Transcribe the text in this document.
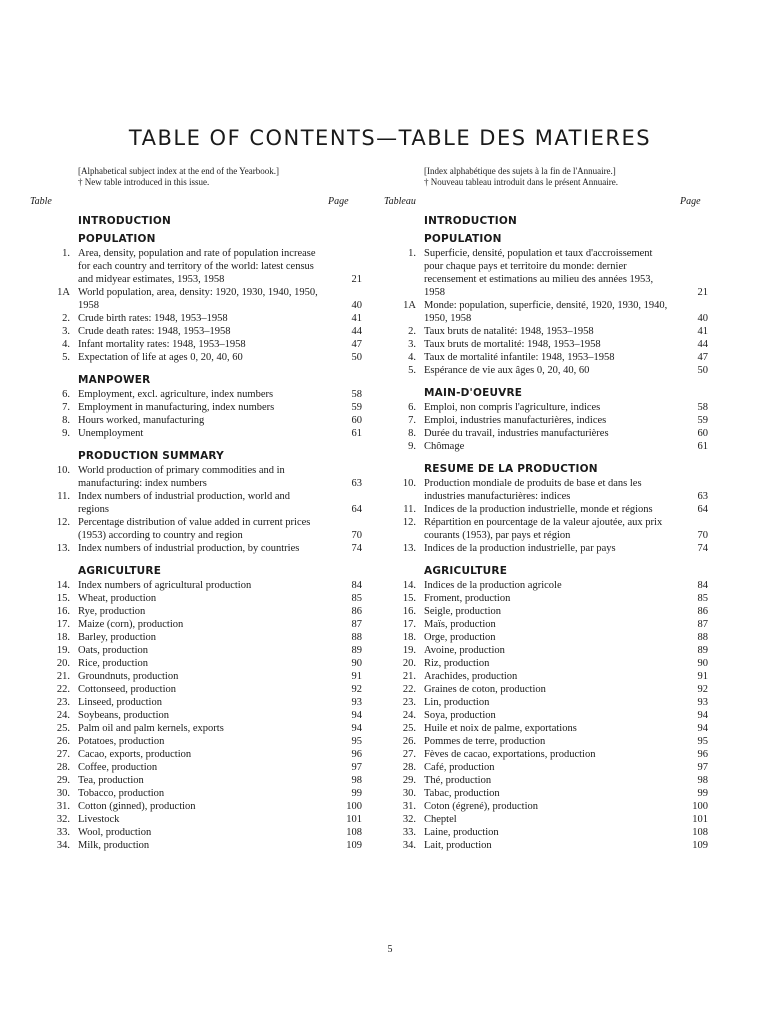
TABLE OF CONTENTS—TABLE DES MATIERES
[Alphabetical subject index at the end of the Yearbook.]
† New table introduced in this issue.
[Index alphabétique des sujets à la fin de l'Annuaire.]
† Nouveau tableau introduit dans le présent Annuaire.
Table	Page	Tableau	Page
INTRODUCTION
POPULATION
1. Area, density, population and rate of population increase for each country and territory of the world: latest census and midyear estimates, 1953, 1958	21
1A World population, area, density: 1920, 1930, 1940, 1950, 1958	40
2. Crude birth rates: 1948, 1953–1958	41
3. Crude death rates: 1948, 1953–1958	44
4. Infant mortality rates: 1948, 1953–1958	47
5. Expectation of life at ages 0, 20, 40, 60	50
MANPOWER
6. Employment, excl. agriculture, index numbers	58
7. Employment in manufacturing, index numbers	59
8. Hours worked, manufacturing	60
9. Unemployment	61
PRODUCTION SUMMARY
10. World production of primary commodities and in manufacturing: index numbers	63
11. Index numbers of industrial production, world and regions	64
12. Percentage distribution of value added in current prices (1953) according to country and region	70
13. Index numbers of industrial production, by countries	74
AGRICULTURE
14. Index numbers of agricultural production	84
15. Wheat, production	85
16. Rye, production	86
17. Maize (corn), production	87
18. Barley, production	88
19. Oats, production	89
20. Rice, production	90
21. Groundnuts, production	91
22. Cottonseed, production	92
23. Linseed, production	93
24. Soybeans, production	94
25. Palm oil and palm kernels, exports	94
26. Potatoes, production	95
27. Cacao, exports, production	96
28. Coffee, production	97
29. Tea, production	98
30. Tobacco, production	99
31. Cotton (ginned), production	100
32. Livestock	101
33. Wool, production	108
34. Milk, production	109
INTRODUCTION
POPULATION
1. Superficie, densité, population et taux d'accroissement pour chaque pays et territoire du monde: dernier recensement et estimations au milieu des années 1953, 1958	21
1A Monde: population, superficie, densité, 1920, 1930, 1940, 1950, 1958	40
2. Taux bruts de natalité: 1948, 1953–1958	41
3. Taux bruts de mortalité: 1948, 1953–1958	44
4. Taux de mortalité infantile: 1948, 1953–1958	47
5. Espérance de vie aux âges 0, 20, 40, 60	50
MAIN-D'OEUVRE
6. Emploi, non compris l'agriculture, indices	58
7. Emploi, industries manufacturières, indices	59
8. Durée du travail, industries manufacturières	60
9. Chômage	61
RESUME DE LA PRODUCTION
10. Production mondiale de produits de base et dans les industries manufacturières: indices	63
11. Indices de la production industrielle, monde et régions	64
12. Répartition en pourcentage de la valeur ajoutée, aux prix courants (1953), par pays et région	70
13. Indices de la production industrielle, par pays	74
AGRICULTURE
14. Indices de la production agricole	84
15. Froment, production	85
16. Seigle, production	86
17. Maïs, production	87
18. Orge, production	88
19. Avoine, production	89
20. Riz, production	90
21. Arachides, production	91
22. Graines de coton, production	92
23. Lin, production	93
24. Soya, production	94
25. Huile et noix de palme, exportations	94
26. Pommes de terre, production	95
27. Fèves de cacao, exportations, production	96
28. Café, production	97
29. Thé, production	98
30. Tabac, production	99
31. Coton (égrené), production	100
32. Cheptel	101
33. Laine, production	108
34. Lait, production	109
5
